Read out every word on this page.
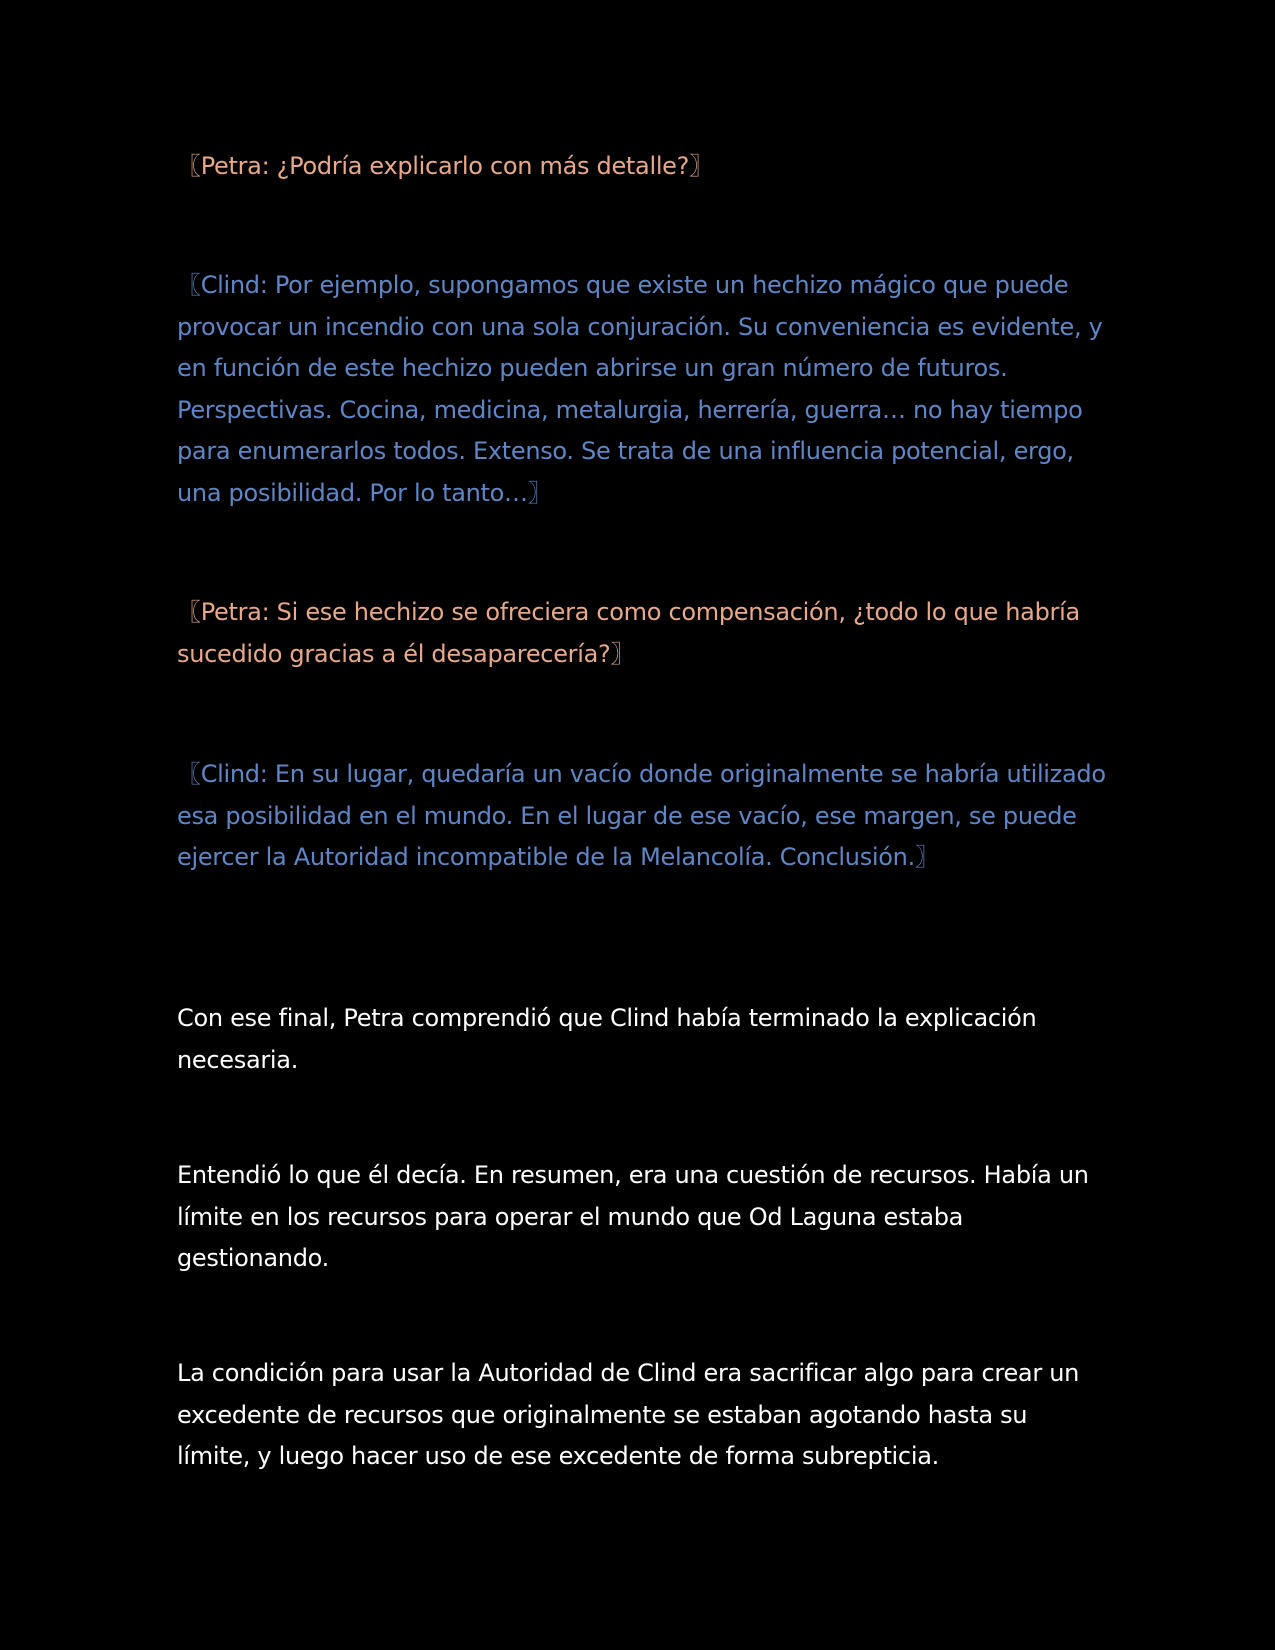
〖Petra: ¿Podría explicarlo con más detalle?〗

〖Clind: Por ejemplo, supongamos que existe un hechizo mágico que puede provocar un incendio con una sola conjuración. Su conveniencia es evidente, y en función de este hechizo pueden abrirse un gran número de futuros. Perspectivas. Cocina, medicina, metalurgia, herrería, guerra… no hay tiempo para enumerarlos todos. Extenso. Se trata de una influencia potencial, ergo, una posibilidad. Por lo tanto…〗

〖Petra: Si ese hechizo se ofreciera como compensación, ¿todo lo que habría sucedido gracias a él desaparecería?〗

〖Clind: En su lugar, quedaría un vacío donde originalmente se habría utilizado esa posibilidad en el mundo. En el lugar de ese vacío, ese margen, se puede ejercer la Autoridad incompatible de la Melancolía. Conclusión.〗

Con ese final, Petra comprendió que Clind había terminado la explicación necesaria.

Entendió lo que él decía. En resumen, era una cuestión de recursos. Había un límite en los recursos para operar el mundo que Od Laguna estaba gestionando.

La condición para usar la Autoridad de Clind era sacrificar algo para crear un excedente de recursos que originalmente se estaban agotando hasta su límite, y luego hacer uso de ese excedente de forma subrepticia.
